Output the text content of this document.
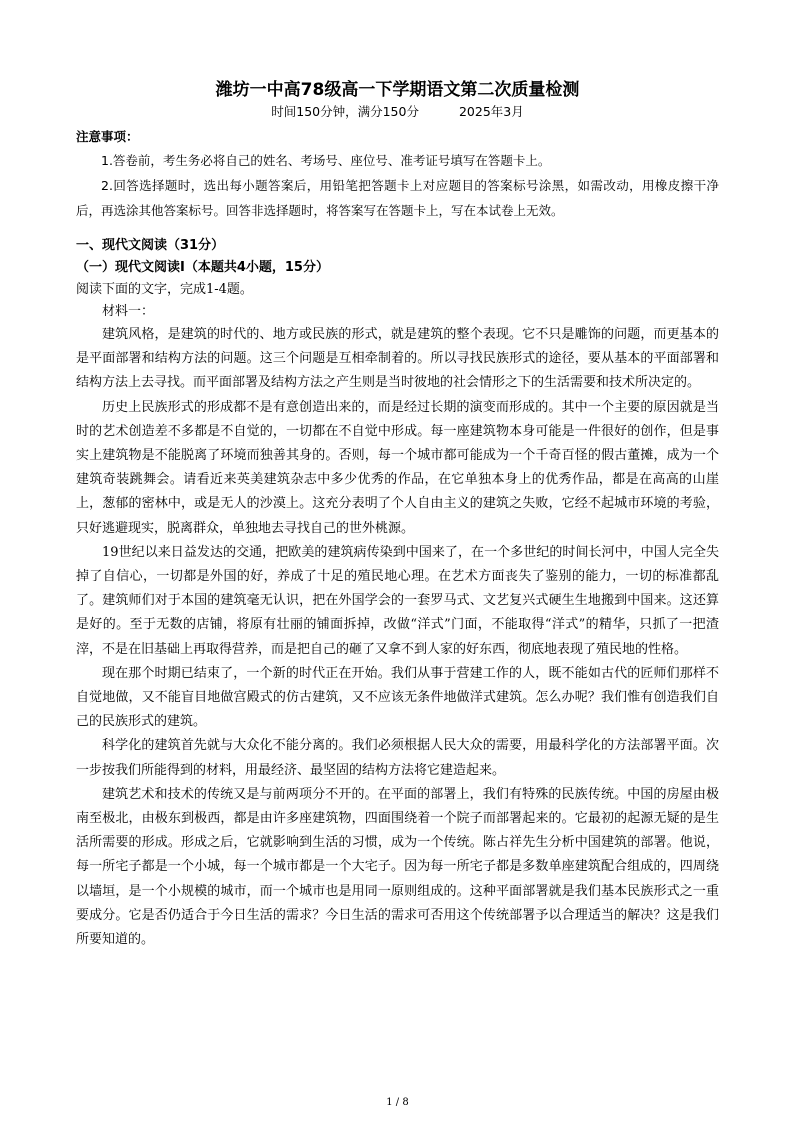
潍坊一中高78级高一下学期语文第二次质量检测

时间150分钟，满分150分	2025年3月

注意事项：

1.答卷前，考生务必将自己的姓名、考场号、座位号、准考证号填写在答题卡上。

2.回答选择题时，选出每小题答案后，用铅笔把答题卡上对应题目的答案标号涂黑，如需改动，用橡皮擦干净后，再选涂其他答案标号。回答非选择题时，将答案写在答题卡上，写在本试卷上无效。

一、现代文阅读（31分）

（一）现代文阅读Ⅰ（本题共4小题，15分）

阅读下面的文字，完成1-4题。

材料一：

建筑风格，是建筑的时代的、地方或民族的形式，就是建筑的整个表现。它不只是雕饰的问题，而更基本的是平面部署和结构方法的问题。这三个问题是互相牵制着的。所以寻找民族形式的途径，要从基本的平面部署和结构方法上去寻找。而平面部署及结构方法之产生则是当时彼地的社会情形之下的生活需要和技术所决定的。

历史上民族形式的形成都不是有意创造出来的，而是经过长期的演变而形成的。其中一个主要的原因就是当时的艺术创造差不多都是不自觉的，一切都在不自觉中形成。每一座建筑物本身可能是一件很好的创作，但是事实上建筑物是不能脱离了环境而独善其身的。否则，每一个城市都可能成为一个千奇百怪的假古董摊，成为一个建筑奇装跳舞会。请看近来英美建筑杂志中多少优秀的作品，在它单独本身上的优秀作品，都是在高高的山崖上，葱郁的密林中，或是无人的沙漠上。这充分表明了个人自由主义的建筑之失败，它经不起城市环境的考验，只好逃避现实，脱离群众，单独地去寻找自己的世外桃源。

19世纪以来日益发达的交通，把欧美的建筑病传染到中国来了，在一个多世纪的时间长河中，中国人完全失掉了自信心，一切都是外国的好，养成了十足的殖民地心理。在艺术方面丧失了鉴别的能力，一切的标准都乱了。建筑师们对于本国的建筑毫无认识，把在外国学会的一套罗马式、文艺复兴式硬生生地搬到中国来。这还算是好的。至于无数的店铺，将原有壮丽的铺面拆掉，改做“洋式”门面，不能取得“洋式”的精华，只抓了一把渣滓，不是在旧基础上再取得营养，而是把自己的砸了又拿不到人家的好东西，彻底地表现了殖民地的性格。

现在那个时期已结束了，一个新的时代正在开始。我们从事于营建工作的人，既不能如古代的匠师们那样不自觉地做，又不能盲目地做宫殿式的仿古建筑，又不应该无条件地做洋式建筑。怎么办呢？我们惟有创造我们自己的民族形式的建筑。

科学化的建筑首先就与大众化不能分离的。我们必须根据人民大众的需要，用最科学化的方法部署平面。次一步按我们所能得到的材料，用最经济、最坚固的结构方法将它建造起来。

建筑艺术和技术的传统又是与前两项分不开的。在平面的部署上，我们有特殊的民族传统。中国的房屋由极南至极北，由极东到极西，都是由许多座建筑物，四面围绕着一个院子而部署起来的。它最初的起源无疑的是生活所需要的形成。形成之后，它就影响到生活的习惯，成为一个传统。陈占祥先生分析中国建筑的部署。他说，每一所宅子都是一个小城，每一个城市都是一个大宅子。因为每一所宅子都是多数单座建筑配合组成的，四周绕以墙垣，是一个小规模的城市，而一个城市也是用同一原则组成的。这种平面部署就是我们基本民族形式之一重要成分。它是否仍适合于今日生活的需求？今日生活的需求可否用这个传统部署予以合理适当的解决？这是我们所要知道的。

1 / 8
